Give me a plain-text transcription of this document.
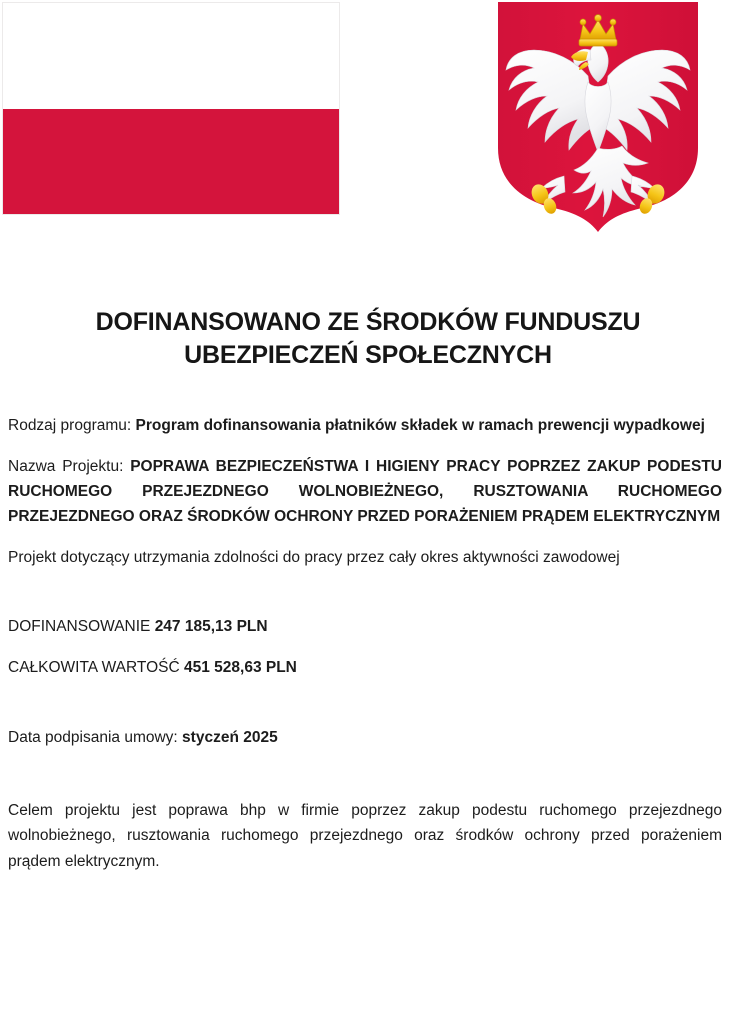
DOFINANSOWANO ZE ŚRODKÓW FUNDUSZU
UBEZPIECZEŃ SPOŁECZNYCH

Rodzaj programu: Program dofinansowania płatników składek w ramach prewencji wypadkowej

Nazwa Projektu: POPRAWA BEZPIECZEŃSTWA I HIGIENY PRACY POPRZEZ ZAKUP PODESTU RUCHOMEGO PRZEJEZDNEGO WOLNOBIEŻNEGO, RUSZTOWANIA RUCHOMEGO PRZEJEZDNEGO ORAZ ŚRODKÓW OCHRONY PRZED PORAŻENIEM PRĄDEM ELEKTRYCZNYM

Projekt dotyczący utrzymania zdolności do pracy przez cały okres aktywności zawodowej

DOFINANSOWANIE 247 185,13 PLN

CAŁKOWITA WARTOŚĆ 451 528,63 PLN

Data podpisania umowy: styczeń 2025

Celem projektu jest poprawa bhp w firmie poprzez zakup podestu ruchomego przejezdnego wolnobieżnego, rusztowania ruchomego przejezdnego oraz środków ochrony przed porażeniem prądem elektrycznym.
